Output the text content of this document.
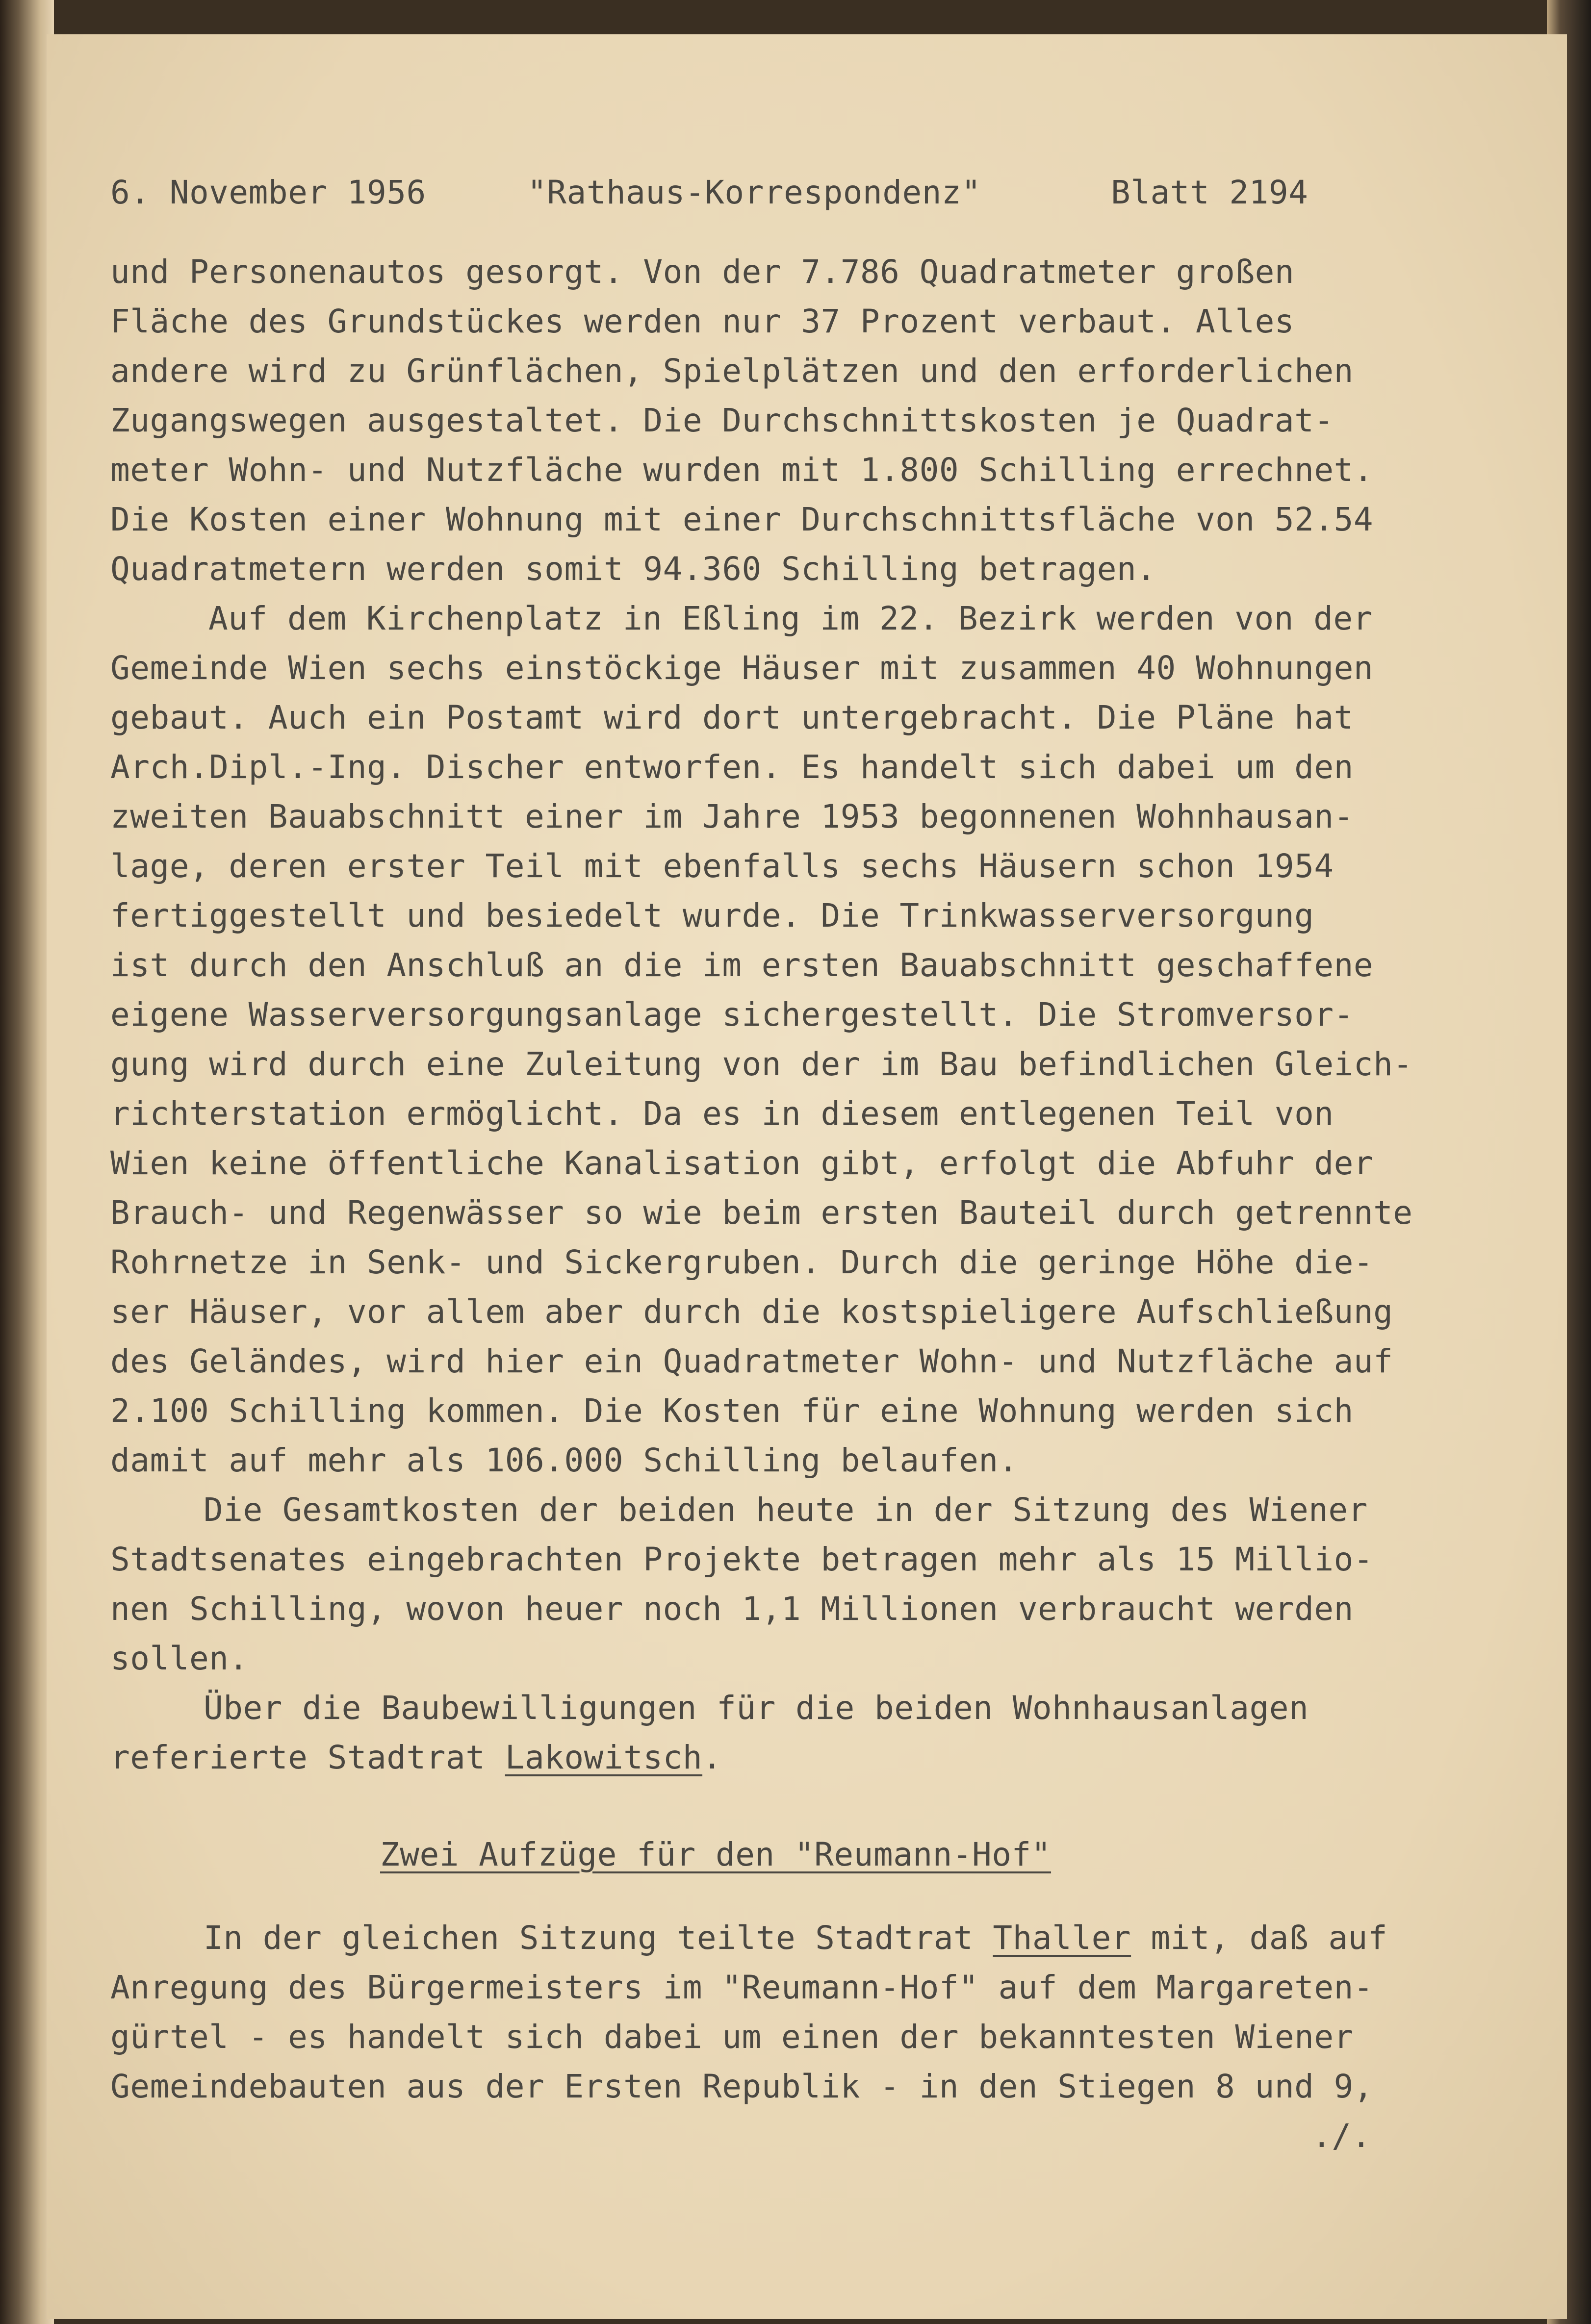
6. November 1956	"Rathaus-Korrespondenz"	Blatt 2194
und Personenautos gesorgt. Von der 7.786 Quadratmeter großen
Fläche des Grundstückes werden nur 37 Prozent verbaut. Alles
andere wird zu Grünflächen, Spielplätzen und den erforderlichen
Zugangswegen ausgestaltet. Die Durchschnittskosten je Quadrat-
meter Wohn- und Nutzfläche wurden mit 1.800 Schilling errechnet.
Die Kosten einer Wohnung mit einer Durchschnittsfläche von 52.54
Quadratmetern werden somit 94.360 Schilling betragen.
Auf dem Kirchenplatz in Eßling im 22. Bezirk werden von der
Gemeinde Wien sechs einstöckige Häuser mit zusammen 40 Wohnungen
gebaut. Auch ein Postamt wird dort untergebracht. Die Pläne hat
Arch.Dipl.-Ing. Discher entworfen. Es handelt sich dabei um den
zweiten Bauabschnitt einer im Jahre 1953 begonnenen Wohnhausan-
lage, deren erster Teil mit ebenfalls sechs Häusern schon 1954
fertiggestellt und besiedelt wurde. Die Trinkwasserversorgung
ist durch den Anschluß an die im ersten Bauabschnitt geschaffene
eigene Wasserversorgungsanlage sichergestellt. Die Stromversor-
gung wird durch eine Zuleitung von der im Bau befindlichen Gleich-
richterstation ermöglicht. Da es in diesem entlegenen Teil von
Wien keine öffentliche Kanalisation gibt, erfolgt die Abfuhr der
Brauch- und Regenwässer so wie beim ersten Bauteil durch getrennte
Rohrnetze in Senk- und Sickergruben. Durch die geringe Höhe die-
ser Häuser, vor allem aber durch die kostspieligere Aufschließung
des Geländes, wird hier ein Quadratmeter Wohn- und Nutzfläche auf
2.100 Schilling kommen. Die Kosten für eine Wohnung werden sich
damit auf mehr als 106.000 Schilling belaufen.
Die Gesamtkosten der beiden heute in der Sitzung des Wiener
Stadtsenates eingebrachten Projekte betragen mehr als 15 Millio-
nen Schilling, wovon heuer noch 1,1 Millionen verbraucht werden
sollen.
Über die Baubewilligungen für die beiden Wohnhausanlagen
referierte Stadtrat Lakowitsch.
Zwei Aufzüge für den "Reumann-Hof"
In der gleichen Sitzung teilte Stadtrat Thaller mit, daß auf
Anregung des Bürgermeisters im "Reumann-Hof" auf dem Margareten-
gürtel - es handelt sich dabei um einen der bekanntesten Wiener
Gemeindebauten aus der Ersten Republik - in den Stiegen 8 und 9,
./.
